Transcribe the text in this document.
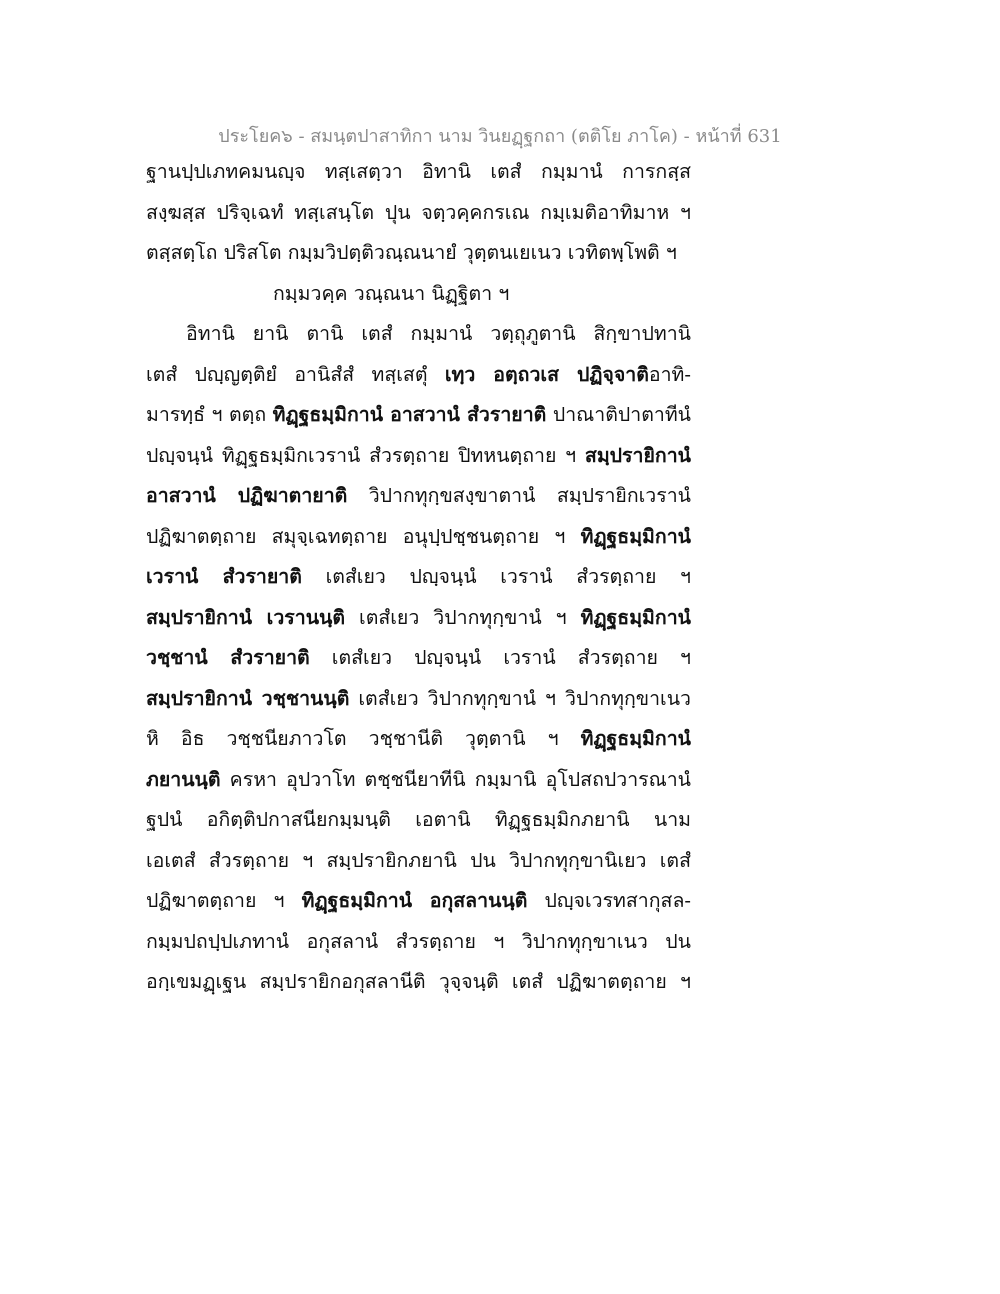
ประโยค๖ - สมนฺตปาสาทิกา นาม วินยฏฺฐกถา (ตติโย ภาโค) - หน้าที่ 631
ฐานปฺปเภทคมนญฺจ ทสฺเสตฺวา อิทานิ เตสํ กมฺมานํ การกสฺส
สงฺฆสฺส ปริจฺเฉทํ ทสฺเสนฺโต ปุน จตฺวคฺคกรเณ กมฺเมติอาทิมาห ฯ
ตสฺสตฺโถ ปริสโต กมฺมวิปตฺติวณฺณนายํ วุตฺตนเยเนว เวทิตพฺโพติ ฯ
กมฺมวคฺค วณฺณนา นิฏฺฐิตา ฯ
อิทานิ ยานิ ตานิ เตสํ กมฺมานํ วตฺถุภูตานิ สิกฺขาปทานิ
เตสํ ปญฺญตฺติยํ อานิสํสํ ทสฺเสตุํ เทฺว อตฺถวเส ปฏิจฺจาติอาทิ-
มารทฺธํ ฯ ตตฺถ ทิฏฺฐธมฺมิกานํ อาสวานํ สํวรายาติ ปาณาติปาตาทีนํ
ปญฺจนฺนํ ทิฏฺฐธมฺมิกเวรานํ สํวรตฺถาย ปิทหนตฺถาย ฯ สมฺปรายิกานํ
อาสวานํ ปฏิฆาตายาติ วิปากทุกฺขสงฺขาตานํ สมฺปรายิกเวรานํ
ปฏิฆาตตฺถาย สมุจฺเฉทตฺถาย อนุปฺปชฺชนตฺถาย ฯ ทิฏฺฐธมฺมิกานํ
เวรานํ สํวรายาติ เตสํเยว ปญฺจนฺนํ เวรานํ สํวรตฺถาย ฯ
สมฺปรายิกานํ เวรานนฺติ เตสํเยว วิปากทุกฺขานํ ฯ ทิฏฺฐธมฺมิกานํ
วชฺชานํ สํวรายาติ เตสํเยว ปญฺจนฺนํ เวรานํ สํวรตฺถาย ฯ
สมฺปรายิกานํ วชฺชานนฺติ เตสํเยว วิปากทุกฺขานํ ฯ วิปากทุกฺขาเนว
หิ อิธ วชฺชนียภาวโต วชฺชานีติ วุตฺตานิ ฯ ทิฏฺฐธมฺมิกานํ
ภยานนฺติ ครหา อุปวาโท ตชฺชนียาทีนิ กมฺมานิ อุโปสถปวารณานํ
ฐปนํ อกิตฺติปกาสนียกมฺมนฺติ เอตานิ ทิฏฺฐธมฺมิกภยานิ นาม
เอเตสํ สํวรตฺถาย ฯ สมฺปรายิกภยานิ ปน วิปากทุกฺขานิเยว เตสํ
ปฏิฆาตตฺถาย ฯ ทิฏฺฐธมฺมิกานํ อกุสลานนฺติ ปญฺจเวรทสากุสล-
กมฺมปถปฺปเภทานํ อกุสลานํ สํวรตฺถาย ฯ วิปากทุกฺขาเนว ปน
อกฺเขมฏฺเฐน สมฺปรายิกอกุสลานีติ วุจฺจนฺติ เตสํ ปฏิฆาตตฺถาย ฯ
